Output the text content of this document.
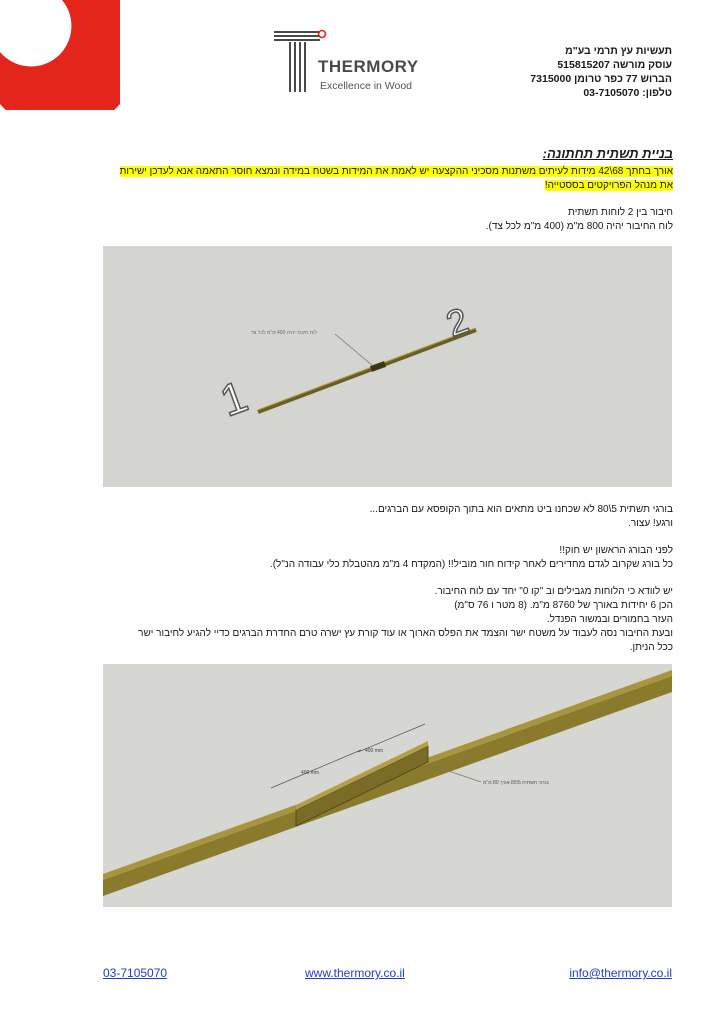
THERMORY
Excellence in Wood
תעשיות עץ תרמי בע"מ
עוסק מורשה 515815207
הברוש 77 כפר טרומן 7315000
טלפון: 03-7105070
בניית תשתית תחתונה:
אורך בחתך 68\42 מידות לעיתים משתנות מסכיני ההקצעה יש לאמת את המידות בשטח במידה ונמצא חוסר התאמה אנא לעדכן ישירות
את מנהל הפרויקטים בססטייה!
חיבור בין 2 לוחות תשתית
לוח החיבור יהיה 800 מ"מ (400 מ"מ לכל צד).
לוח חיבור יהיה 400 מ"מ לכל צד
1
2
בורגי תשתית 5\80 לא שכחנו ביט מתאים הוא בתוך הקופסא עם הברגים...
ורגע! עצור.
לפני הבורג הראשון יש חוק!!
כל בורג שקרוב לגדם מחדירים לאחר קידוח חור מוביל!! (המקדח 4 מ"מ מהטבלת כלי עבודה הנ"ל).
יש לוודא כי הלוחות מגבילים וב "קו 0" יחד עם לוח החיבור.
הכן 6 יחידות באורך של 8760 מ"מ. (8 מטר ו 76 ס"מ)
העזר בחמורים ובמשור הפנדל.
ובעת החיבור נסה לעבוד על משטח ישר והצמד את הפלס הארוך או עוד קורת עץ ישרה טרם החדרת הברגים כדיי להגיע לחיבור ישר
ככל הניתן.
400 mm
400 mm
בורגי תשתית 5\80 אורך 80 מ"מ
03-7105070	www.thermory.co.il	info@thermory.co.il
